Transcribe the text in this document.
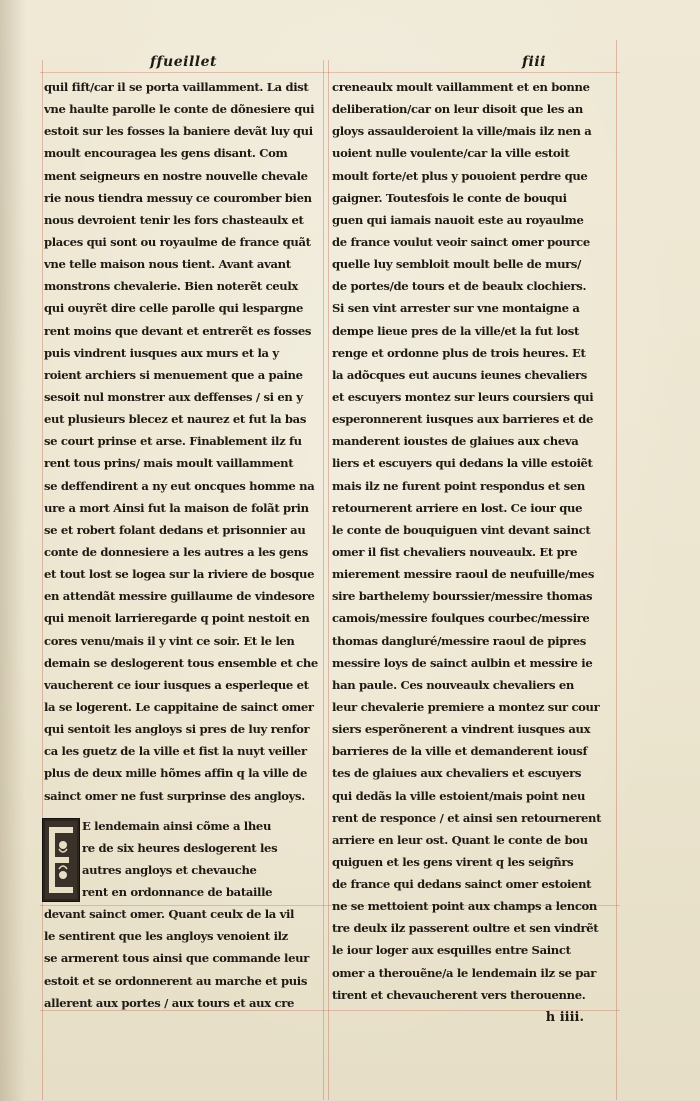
ffueillet	fiii
quil fift/car il se porta vaillamment. La dist
vne haulte parolle le conte de dõnesiere qui
estoit sur les fosses la baniere devãt luy qui
moult encourageа les gens disant. Com
ment seigneurs en nostre nouvelle chevale
rie nous tiendra messuy ce couromber bien
nous devroient tenir les fors chasteaulx et
places qui sont ou royaulme de france quãt
vne telle maison nous tient. Avant avant
monstrons chevalerie. Bien noterẽt ceulx
qui ouyrẽt dire celle parolle qui lespargne
rent moins que devant et entrerẽt es fosses
puis vindrent iusques aux murs et la y
roient archiers si menuement que a paine
sesoit nul monstrer aux deffenses / si en y
eut plusieurs blecez et naurez et fut la bas
se court prinse et arse. Finablement ilz fu
rent tous prins/ mais moult vaillamment
se deffendirent a ny eut oncques homme na
ure a mort Ainsi fut la maison de folãt prin
se et robert folant dedans et prisonnier au
conte de donnesiere a les autres a les gens
et tout lost se logea sur la riviere de bosque
en attendãt messire guillaume de vindesore
qui menoit larrieregarde q point nestoit en
cores venu/mais il y vint ce soir. Et le len
demain se deslogerent tous ensemble et che
vaucherent ce iour iusques a esperleque et
la se logerent. Le cappitaine de sainct omer
qui sentoit les angloys si pres de luy renfor
ca les guetz de la ville et fist la nuyt veiller
plus de deux mille hõmes affin q la ville de
sainct omer ne fust surprinse des angloys.
E lendemain ainsi cõme a lheu
re de six heures deslogerent les
autres angloys et chevauche
rent en ordonnance de bataille
devant sainct omer. Quant ceulx de la vil
le sentirent que les angloys venoient ilz
se armerent tous ainsi que commande leur
estoit et se ordonnerent au marche et puis
allerent aux portes / aux tours et aux cre
creneaulx moult vaillamment et en bonne
deliberation/car on leur disoit que les an
gloys assaulderoient la ville/mais ilz nen a
uoient nulle voulente/car la ville estoit
moult forte/et plus y pouoient perdre que
gaigner. Toutesfois le conte de bouqui
guen qui iamais nauoit este au royaulme
de france voulut veoir sainct omer pource
quelle luy sembloit moult belle de murs/
de portes/de tours et de beaulx clochiers.
Si sen vint arrester sur vne montaigne a
dempe lieue pres de la ville/et la fut lost
renge et ordonne plus de trois heures. Et
la adõcques eut aucuns ieunes chevaliers
et escuyers montez sur leurs coursiers qui
esperonnerent iusques aux barrieres et de
manderent ioustes de glaiues aux cheva
liers et escuyers qui dedans la ville estoiẽt
mais ilz ne furent point respondus et sen
retournerent arriere en lost. Ce iour que
le conte de bouquiguen vint devant sainct
omer il fist chevaliers nouveaulx. Et pre
mierement messire raoul de neufuille/mes
sire barthelemy bourssier/messire thomas
camois/messire foulques courbec/messire
thomas dangluré/messire raoul de pipres
messire loys de sainct aulbin et messire ie
han paule. Ces nouveaulx chevaliers en
leur chevalerie premiere a montez sur cour
siers esperõnerent a vindrent iusques aux
barrieres de la ville et demanderent iousf
tes de glaiues aux chevaliers et escuyers
qui dedãs la ville estoient/mais point neu
rent de responce / et ainsi sen retournerent
arriere en leur ost. Quant le conte de bou
quiguen et les gens virent q les seigñrs
de france qui dedans sainct omer estoient
ne se mettoient point aux champs a lencon
tre deulx ilz passerent oultre et sen vindrẽt
le iour loger aux esquilles entre Sainct
omer a therouẽne/a le lendemain ilz se par
tirent et chevaucherent vers therouenne.
h iiii.
